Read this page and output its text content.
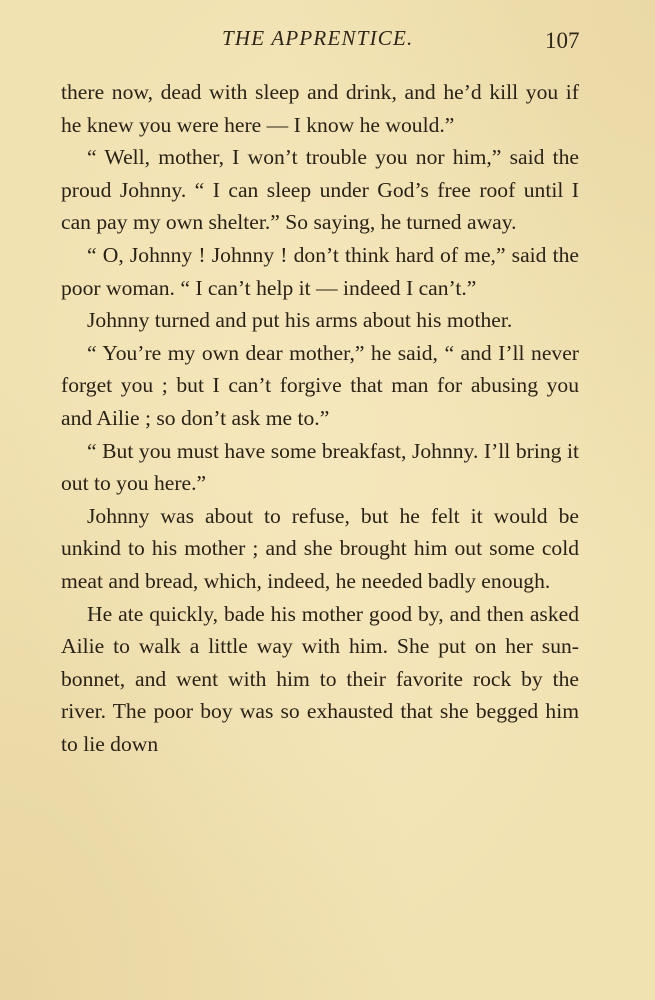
THE APPRENTICE.	107

there now, dead with sleep and drink, and he’d kill you if he knew you were here — I know he would.”

“ Well, mother, I won’t trouble you nor him,” said the proud Johnny. “ I can sleep under God’s free roof until I can pay my own shelter.” So saying, he turned away.

“ O, Johnny ! Johnny ! don’t think hard of me,” said the poor woman. “ I can’t help it — indeed I can’t.”

Johnny turned and put his arms about his mother.

“ You’re my own dear mother,” he said, “ and I’ll never forget you ; but I can’t forgive that man for abusing you and Ailie ; so don’t ask me to.”

“ But you must have some breakfast, Johnny. I’ll bring it out to you here.”

Johnny was about to refuse, but he felt it would be unkind to his mother ; and she brought him out some cold meat and bread, which, indeed, he needed badly enough.

He ate quickly, bade his mother good by, and then asked Ailie to walk a little way with him. She put on her sun-bonnet, and went with him to their favorite rock by the river. The poor boy was so exhausted that she begged him to lie down
